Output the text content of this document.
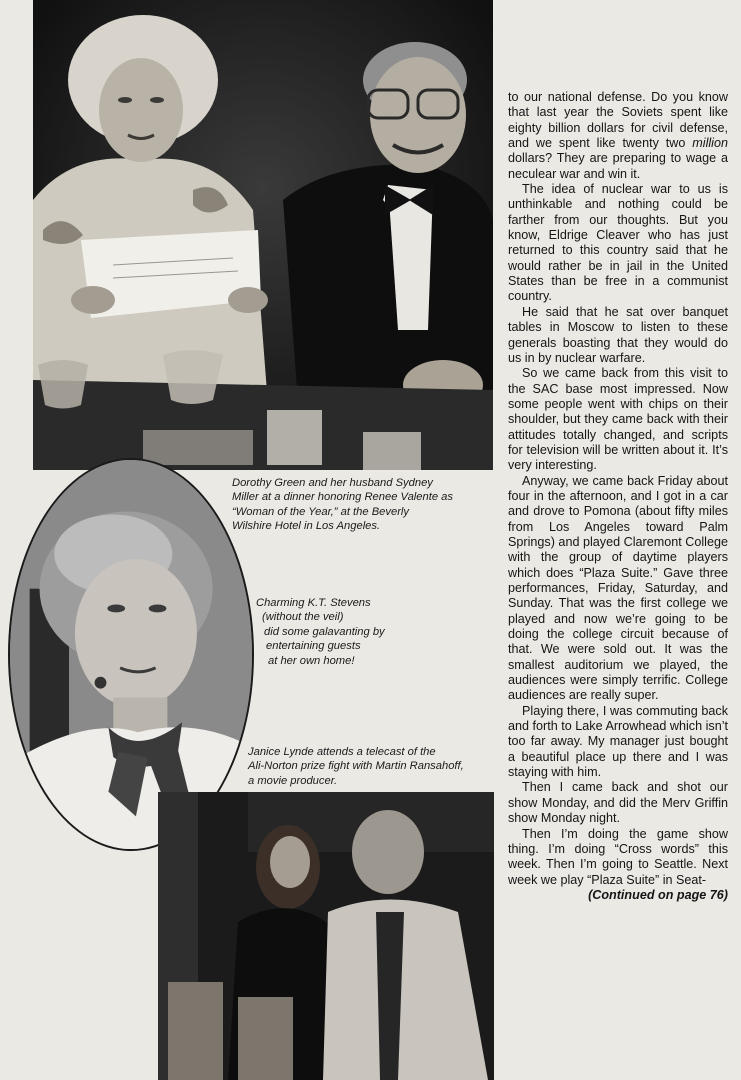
Dorothy Green and her husband Sydney

Miller at a dinner honoring Renee Valente as

“Woman of the Year,” at the Beverly

Wilshire Hotel in Los Angeles.

Charming K.T. Stevens

(without the veil)

did some galavanting by

entertaining guests

at her own home!

Janice Lynde attends a telecast of the

Ali-Norton prize fight with Martin Ransahoff,

a movie producer.

to our national defense. Do you know that last year the Soviets spent like eighty billion dollars for civil defense, and we spent like twenty two million dollars? They are preparing to wage a neculear war and win it.

The idea of nuclear war to us is unthinkable and nothing could be farther from our thoughts. But you know, Eldrige Cleaver who has just returned to this country said that he would rather be in jail in the United States than be free in a communist country.

He said that he sat over banquet tables in Moscow to listen to these generals boasting that they would do us in by nuclear warfare.

So we came back from this visit to the SAC base most impressed. Now some people went with chips on their shoulder, but they came back with their attitudes totally changed, and scripts for television will be written about it. It’s very interesting.

Anyway, we came back Friday about four in the afternoon, and I got in a car and drove to Pomona (about fifty miles from Los Angeles toward Palm Springs) and played Claremont College with the group of daytime players which does “Plaza Suite.” Gave three performances, Friday, Saturday, and Sunday. That was the first college we played and now we’re going to be doing the college circuit because of that. We were sold out. It was the smallest auditorium we played, the audiences were simply terrific. College audiences are really super.

Playing there, I was commuting back and forth to Lake Arrowhead which isn’t too far away. My manager just bought a beautiful place up there and I was staying with him.

Then I came back and shot our show Monday, and did the Merv Griffin show Monday night.

Then I’m doing the game show thing. I’m doing “Cross words” this week. Then I’m going to Seattle. Next week we play “Plaza Suite” in Seat-
(Continued on page 76)
